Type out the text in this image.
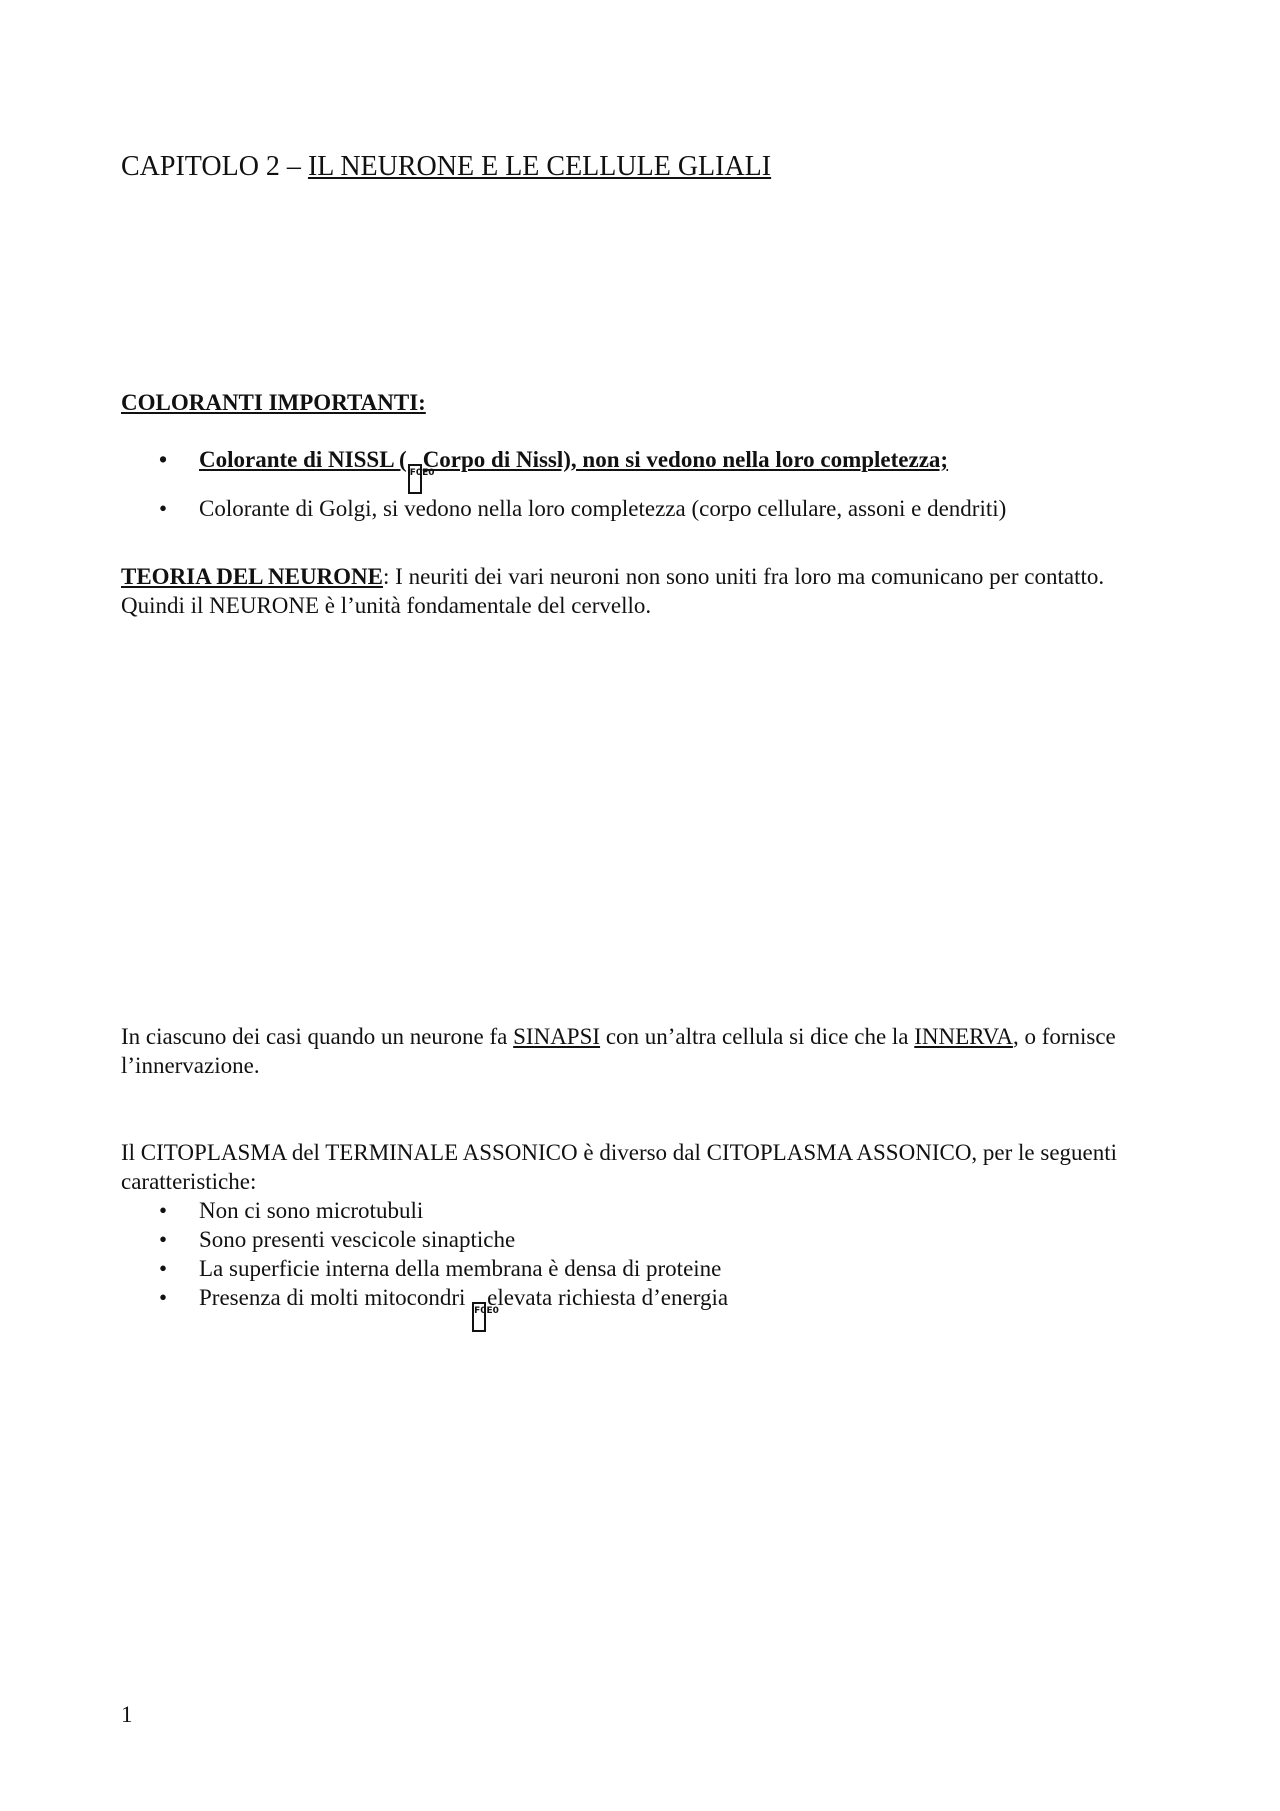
CAPITOLO 2 – IL NEURONE E LE CELLULE GLIALI
COLORANTI IMPORTANTI:
• Colorante di NISSL (F0E0Corpo di Nissl), non si vedono nella loro completezza;
• Colorante di Golgi, si vedono nella loro completezza (corpo cellulare, assoni e dendriti)
TEORIA DEL NEURONE: I neuriti dei vari neuroni non sono uniti fra loro ma comunicano per contatto. Quindi il NEURONE è l’unità fondamentale del cervello.
In ciascuno dei casi quando un neurone fa SINAPSI con un’altra cellula si dice che la INNERVA, o fornisce l’innervazione.
Il CITOPLASMA del TERMINALE ASSONICO è diverso dal CITOPLASMA ASSONICO, per le seguenti caratteristiche:
• Non ci sono microtubuli
• Sono presenti vescicole sinaptiche
• La superficie interna della membrana è densa di proteine
• Presenza di molti mitocondri F0E0elevata richiesta d’energia
1
